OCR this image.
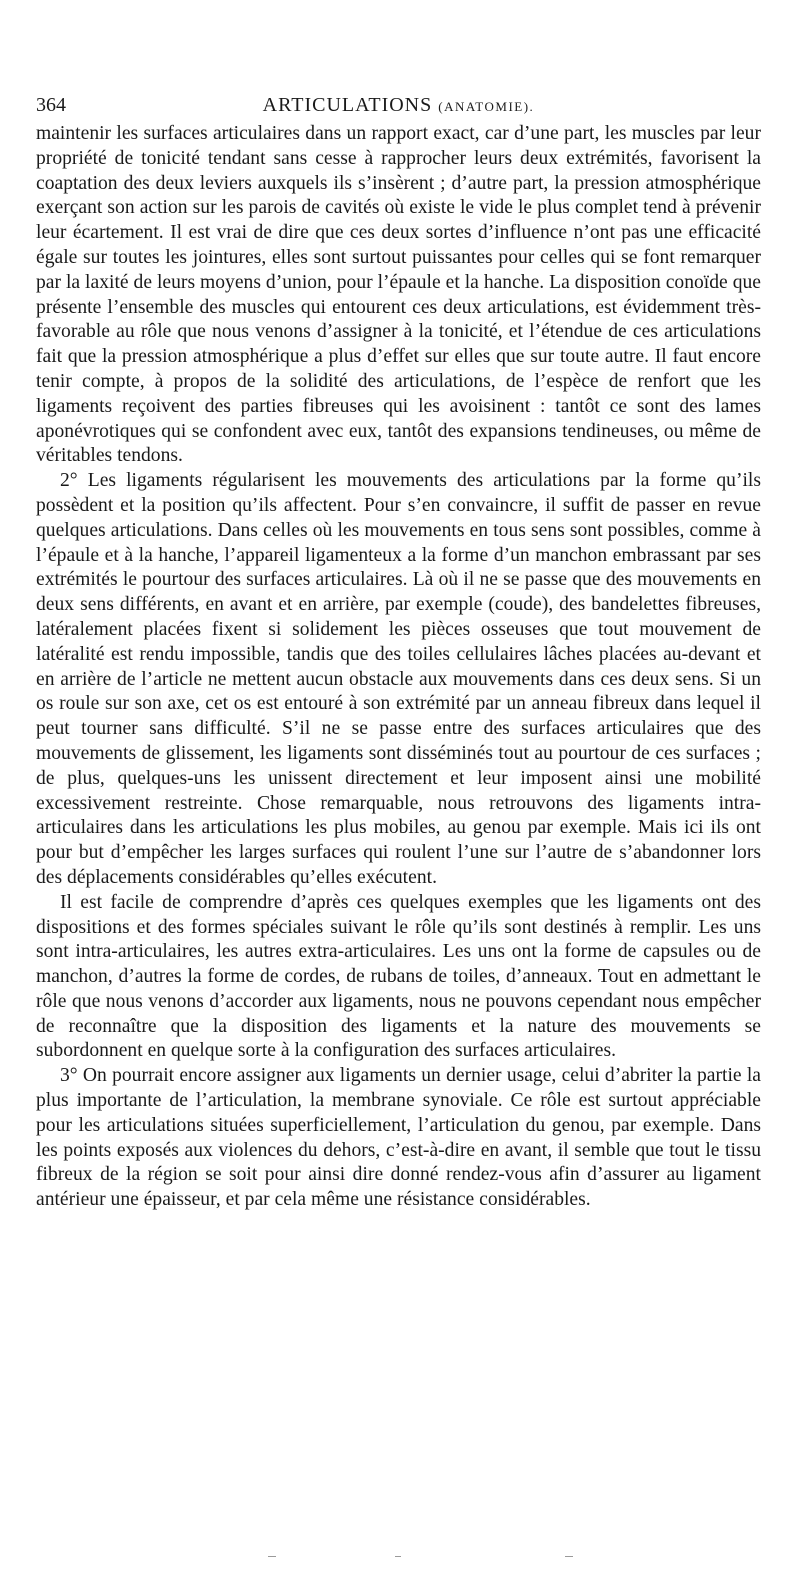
364	ARTICULATIONS (ANATOMIE).

maintenir les surfaces articulaires dans un rapport exact, car d’une part, les muscles par leur propriété de tonicité tendant sans cesse à rapprocher leurs deux extrémités, favorisent la coaptation des deux leviers auxquels ils s’insèrent ; d’autre part, la pression atmosphérique exerçant son action sur les parois de cavités où existe le vide le plus complet tend à prévenir leur écartement. Il est vrai de dire que ces deux sortes d’influence n’ont pas une efficacité égale sur toutes les jointures, elles sont surtout puissantes pour celles qui se font remarquer par la laxité de leurs moyens d’union, pour l’épaule et la hanche. La disposition conoïde que présente l’ensemble des muscles qui entourent ces deux articulations, est évidemment très-favorable au rôle que nous venons d’assigner à la tonicité, et l’étendue de ces articulations fait que la pression atmosphérique a plus d’effet sur elles que sur toute autre. Il faut encore tenir compte, à propos de la solidité des articulations, de l’espèce de renfort que les ligaments reçoivent des parties fibreuses qui les avoisinent : tantôt ce sont des lames aponévrotiques qui se confondent avec eux, tantôt des expansions tendineuses, ou même de véritables tendons.

2° Les ligaments régularisent les mouvements des articulations par la forme qu’ils possèdent et la position qu’ils affectent. Pour s’en convaincre, il suffit de passer en revue quelques articulations. Dans celles où les mouvements en tous sens sont possibles, comme à l’épaule et à la hanche, l’appareil ligamenteux a la forme d’un manchon embrassant par ses extrémités le pourtour des surfaces articulaires. Là où il ne se passe que des mouvements en deux sens différents, en avant et en arrière, par exemple (coude), des bandelettes fibreuses, latéralement placées fixent si solidement les pièces osseuses que tout mouvement de latéralité est rendu impossible, tandis que des toiles cellulaires lâches placées au-devant et en arrière de l’article ne mettent aucun obstacle aux mouvements dans ces deux sens. Si un os roule sur son axe, cet os est entouré à son extrémité par un anneau fibreux dans lequel il peut tourner sans difficulté. S’il ne se passe entre des surfaces articulaires que des mouvements de glissement, les ligaments sont disséminés tout au pourtour de ces surfaces ; de plus, quelques-uns les unissent directement et leur imposent ainsi une mobilité excessivement restreinte. Chose remarquable, nous retrouvons des ligaments intra-articulaires dans les articulations les plus mobiles, au genou par exemple. Mais ici ils ont pour but d’empêcher les larges surfaces qui roulent l’une sur l’autre de s’abandonner lors des déplacements considérables qu’elles exécutent.

Il est facile de comprendre d’après ces quelques exemples que les ligaments ont des dispositions et des formes spéciales suivant le rôle qu’ils sont destinés à remplir. Les uns sont intra-articulaires, les autres extra-articulaires. Les uns ont la forme de capsules ou de manchon, d’autres la forme de cordes, de rubans de toiles, d’anneaux. Tout en admettant le rôle que nous venons d’accorder aux ligaments, nous ne pouvons cependant nous empêcher de reconnaître que la disposition des ligaments et la nature des mouvements se subordonnent en quelque sorte à la configuration des surfaces articulaires.

3° On pourrait encore assigner aux ligaments un dernier usage, celui d’abriter la partie la plus importante de l’articulation, la membrane synoviale. Ce rôle est surtout appréciable pour les articulations situées superficiellement, l’articulation du genou, par exemple. Dans les points exposés aux violences du dehors, c’est-à-dire en avant, il semble que tout le tissu fibreux de la région se soit pour ainsi dire donné rendez-vous afin d’assurer au ligament antérieur une épaisseur, et par cela même une résistance considérables.
